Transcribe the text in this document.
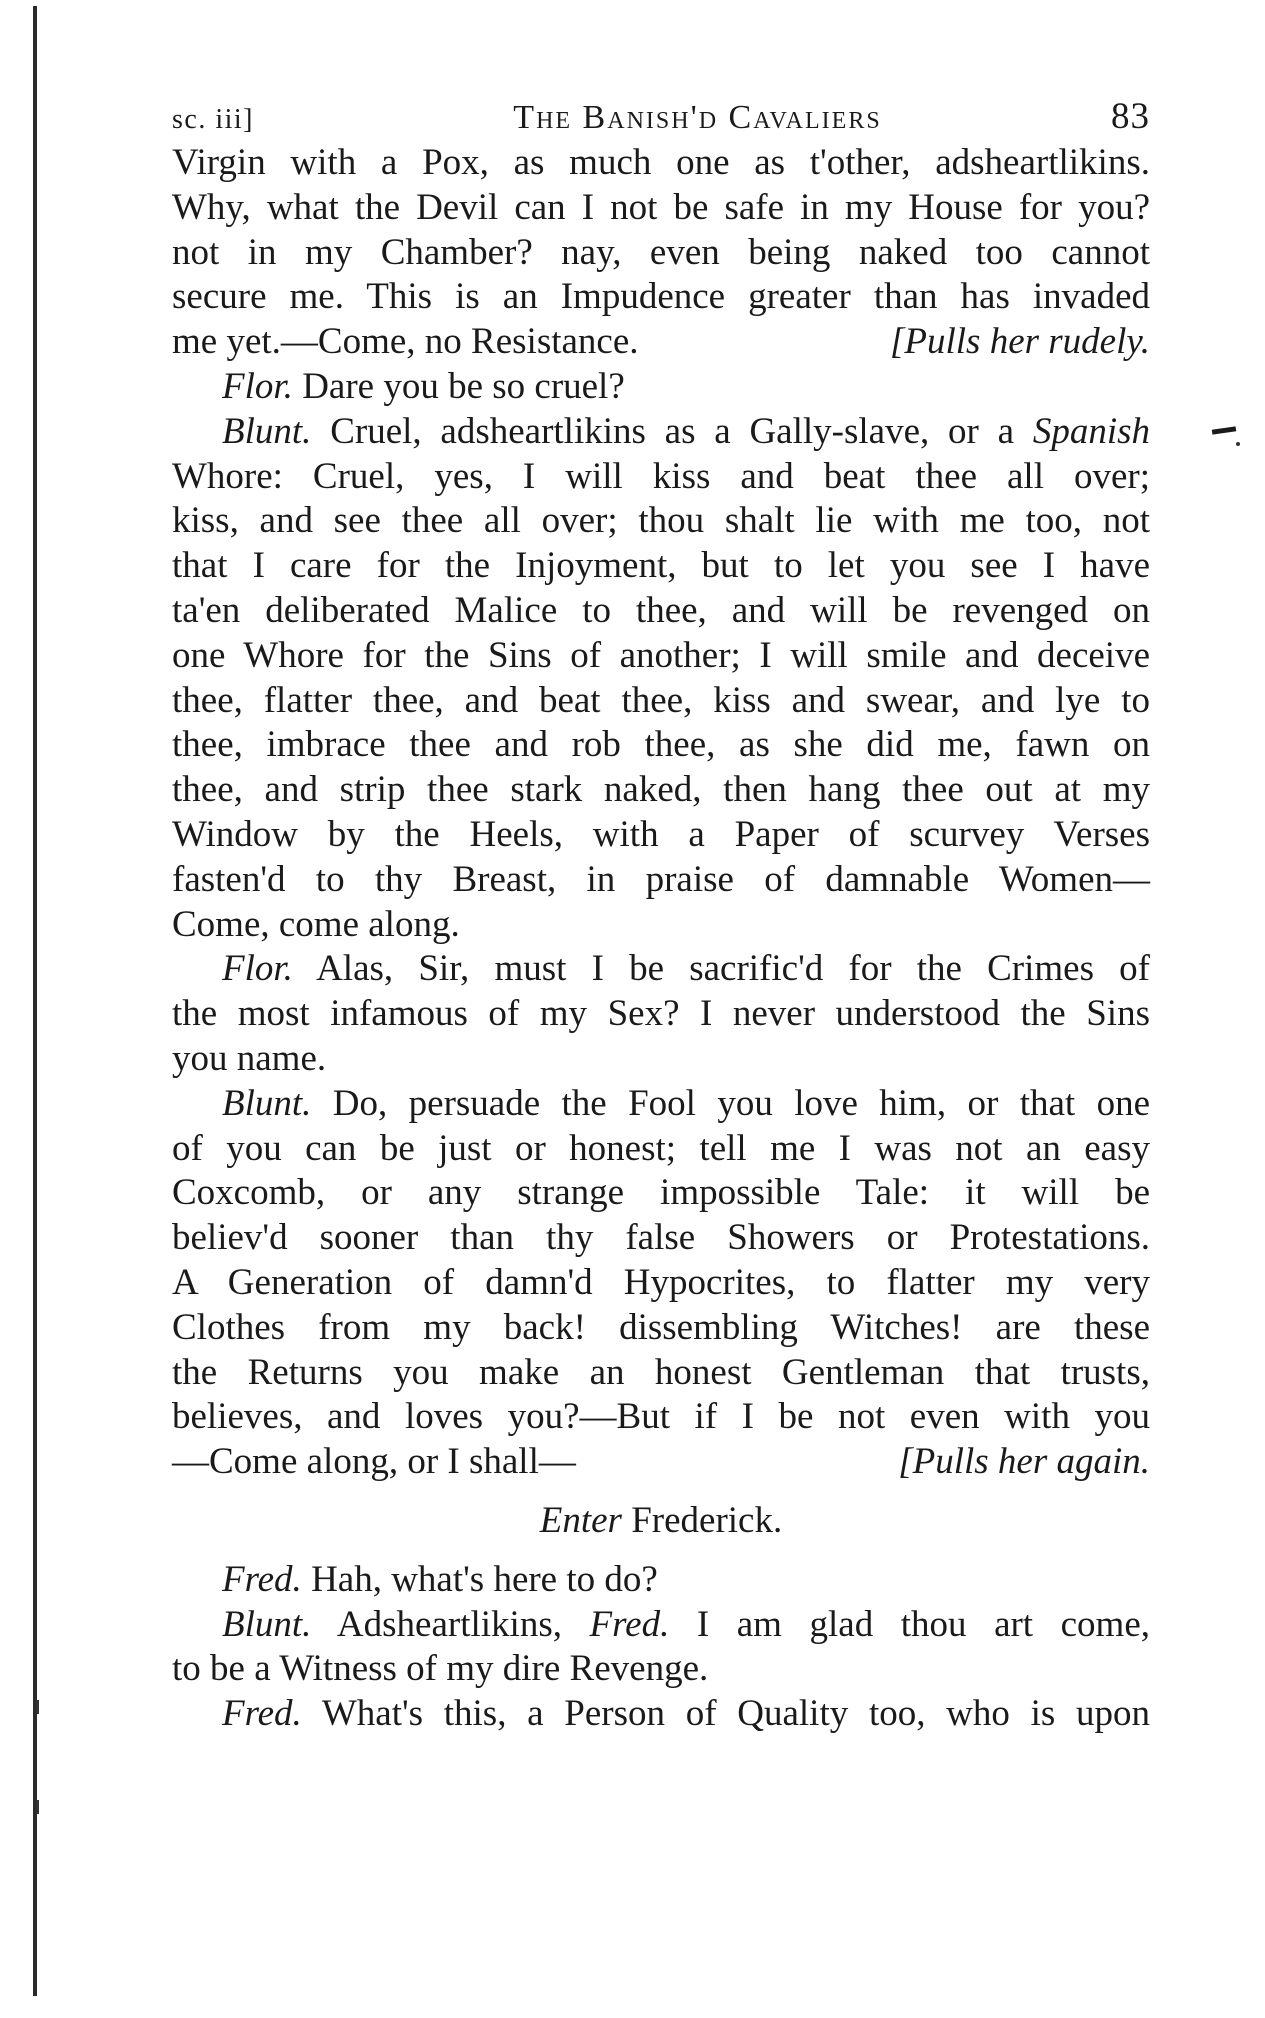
sc. iii]	The Banish'd Cavaliers	83
Virgin with a Pox, as much one as t'other, adsheartlikins.
Why, what the Devil can I not be safe in my House for you?
not in my Chamber? nay, even being naked too cannot
secure me. This is an Impudence greater than has invaded
me yet.—Come, no Resistance.	[Pulls her rudely.
Flor. Dare you be so cruel?
Blunt. Cruel, adsheartlikins as a Gally-slave, or a Spanish
Whore: Cruel, yes, I will kiss and beat thee all over;
kiss, and see thee all over; thou shalt lie with me too, not
that I care for the Injoyment, but to let you see I have
ta'en deliberated Malice to thee, and will be revenged on
one Whore for the Sins of another; I will smile and deceive
thee, flatter thee, and beat thee, kiss and swear, and lye to
thee, imbrace thee and rob thee, as she did me, fawn on
thee, and strip thee stark naked, then hang thee out at my
Window by the Heels, with a Paper of scurvey Verses
fasten'd to thy Breast, in praise of damnable Women—
Come, come along.
Flor. Alas, Sir, must I be sacrific'd for the Crimes of
the most infamous of my Sex? I never understood the Sins
you name.
Blunt. Do, persuade the Fool you love him, or that one
of you can be just or honest; tell me I was not an easy
Coxcomb, or any strange impossible Tale: it will be
believ'd sooner than thy false Showers or Protestations.
A Generation of damn'd Hypocrites, to flatter my very
Clothes from my back! dissembling Witches! are these
the Returns you make an honest Gentleman that trusts,
believes, and loves you?—But if I be not even with you
—Come along, or I shall—	[Pulls her again.
Enter Frederick.
Fred. Hah, what's here to do?
Blunt. Adsheartlikins, Fred. I am glad thou art come,
to be a Witness of my dire Revenge.
Fred. What's this, a Person of Quality too, who is upon
